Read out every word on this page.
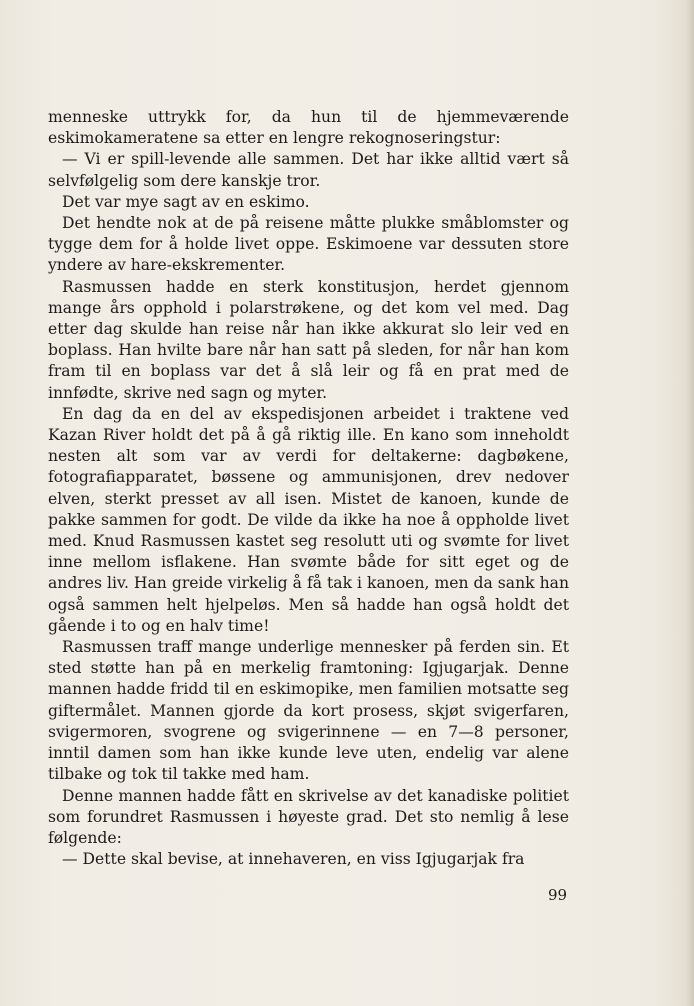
menneske uttrykk for, da hun til de hjemmeværende eskimokameratene sa etter en lengre rekognoseringstur:

— Vi er spill-levende alle sammen. Det har ikke alltid vært så selvfølgelig som dere kanskje tror.

Det var mye sagt av en eskimo.

Det hendte nok at de på reisene måtte plukke småblomster og tygge dem for å holde livet oppe. Eskimoene var dessuten store yndere av hare-ekskrementer.

Rasmussen hadde en sterk konstitusjon, herdet gjennom mange års opphold i polarstrøkene, og det kom vel med. Dag etter dag skulde han reise når han ikke akkurat slo leir ved en boplass. Han hvilte bare når han satt på sleden, for når han kom fram til en boplass var det å slå leir og få en prat med de innfødte, skrive ned sagn og myter.

En dag da en del av ekspedisjonen arbeidet i traktene ved Kazan River holdt det på å gå riktig ille. En kano som inneholdt nesten alt som var av verdi for deltakerne: dagbøkene, fotografiapparatet, bøssene og ammunisjonen, drev nedover elven, sterkt presset av all isen. Mistet de kanoen, kunde de pakke sammen for godt. De vilde da ikke ha noe å oppholde livet med. Knud Rasmussen kastet seg resolutt uti og svømte for livet inne mellom isflakene. Han svømte både for sitt eget og de andres liv. Han greide virkelig å få tak i kanoen, men da sank han også sammen helt hjelpeløs. Men så hadde han også holdt det gående i to og en halv time!

Rasmussen traff mange underlige mennesker på ferden sin. Et sted støtte han på en merkelig framtoning: Igjugarjak. Denne mannen hadde fridd til en eskimopike, men familien motsatte seg giftermålet. Mannen gjorde da kort prosess, skjøt svigerfaren, svigermoren, svogrene og svigerinnene — en 7—8 personer, inntil damen som han ikke kunde leve uten, endelig var alene tilbake og tok til takke med ham.

Denne mannen hadde fått en skrivelse av det kanadiske politiet som forundret Rasmussen i høyeste grad. Det sto nemlig å lese følgende:

— Dette skal bevise, at innehaveren, en viss Igjugarjak fra

99
